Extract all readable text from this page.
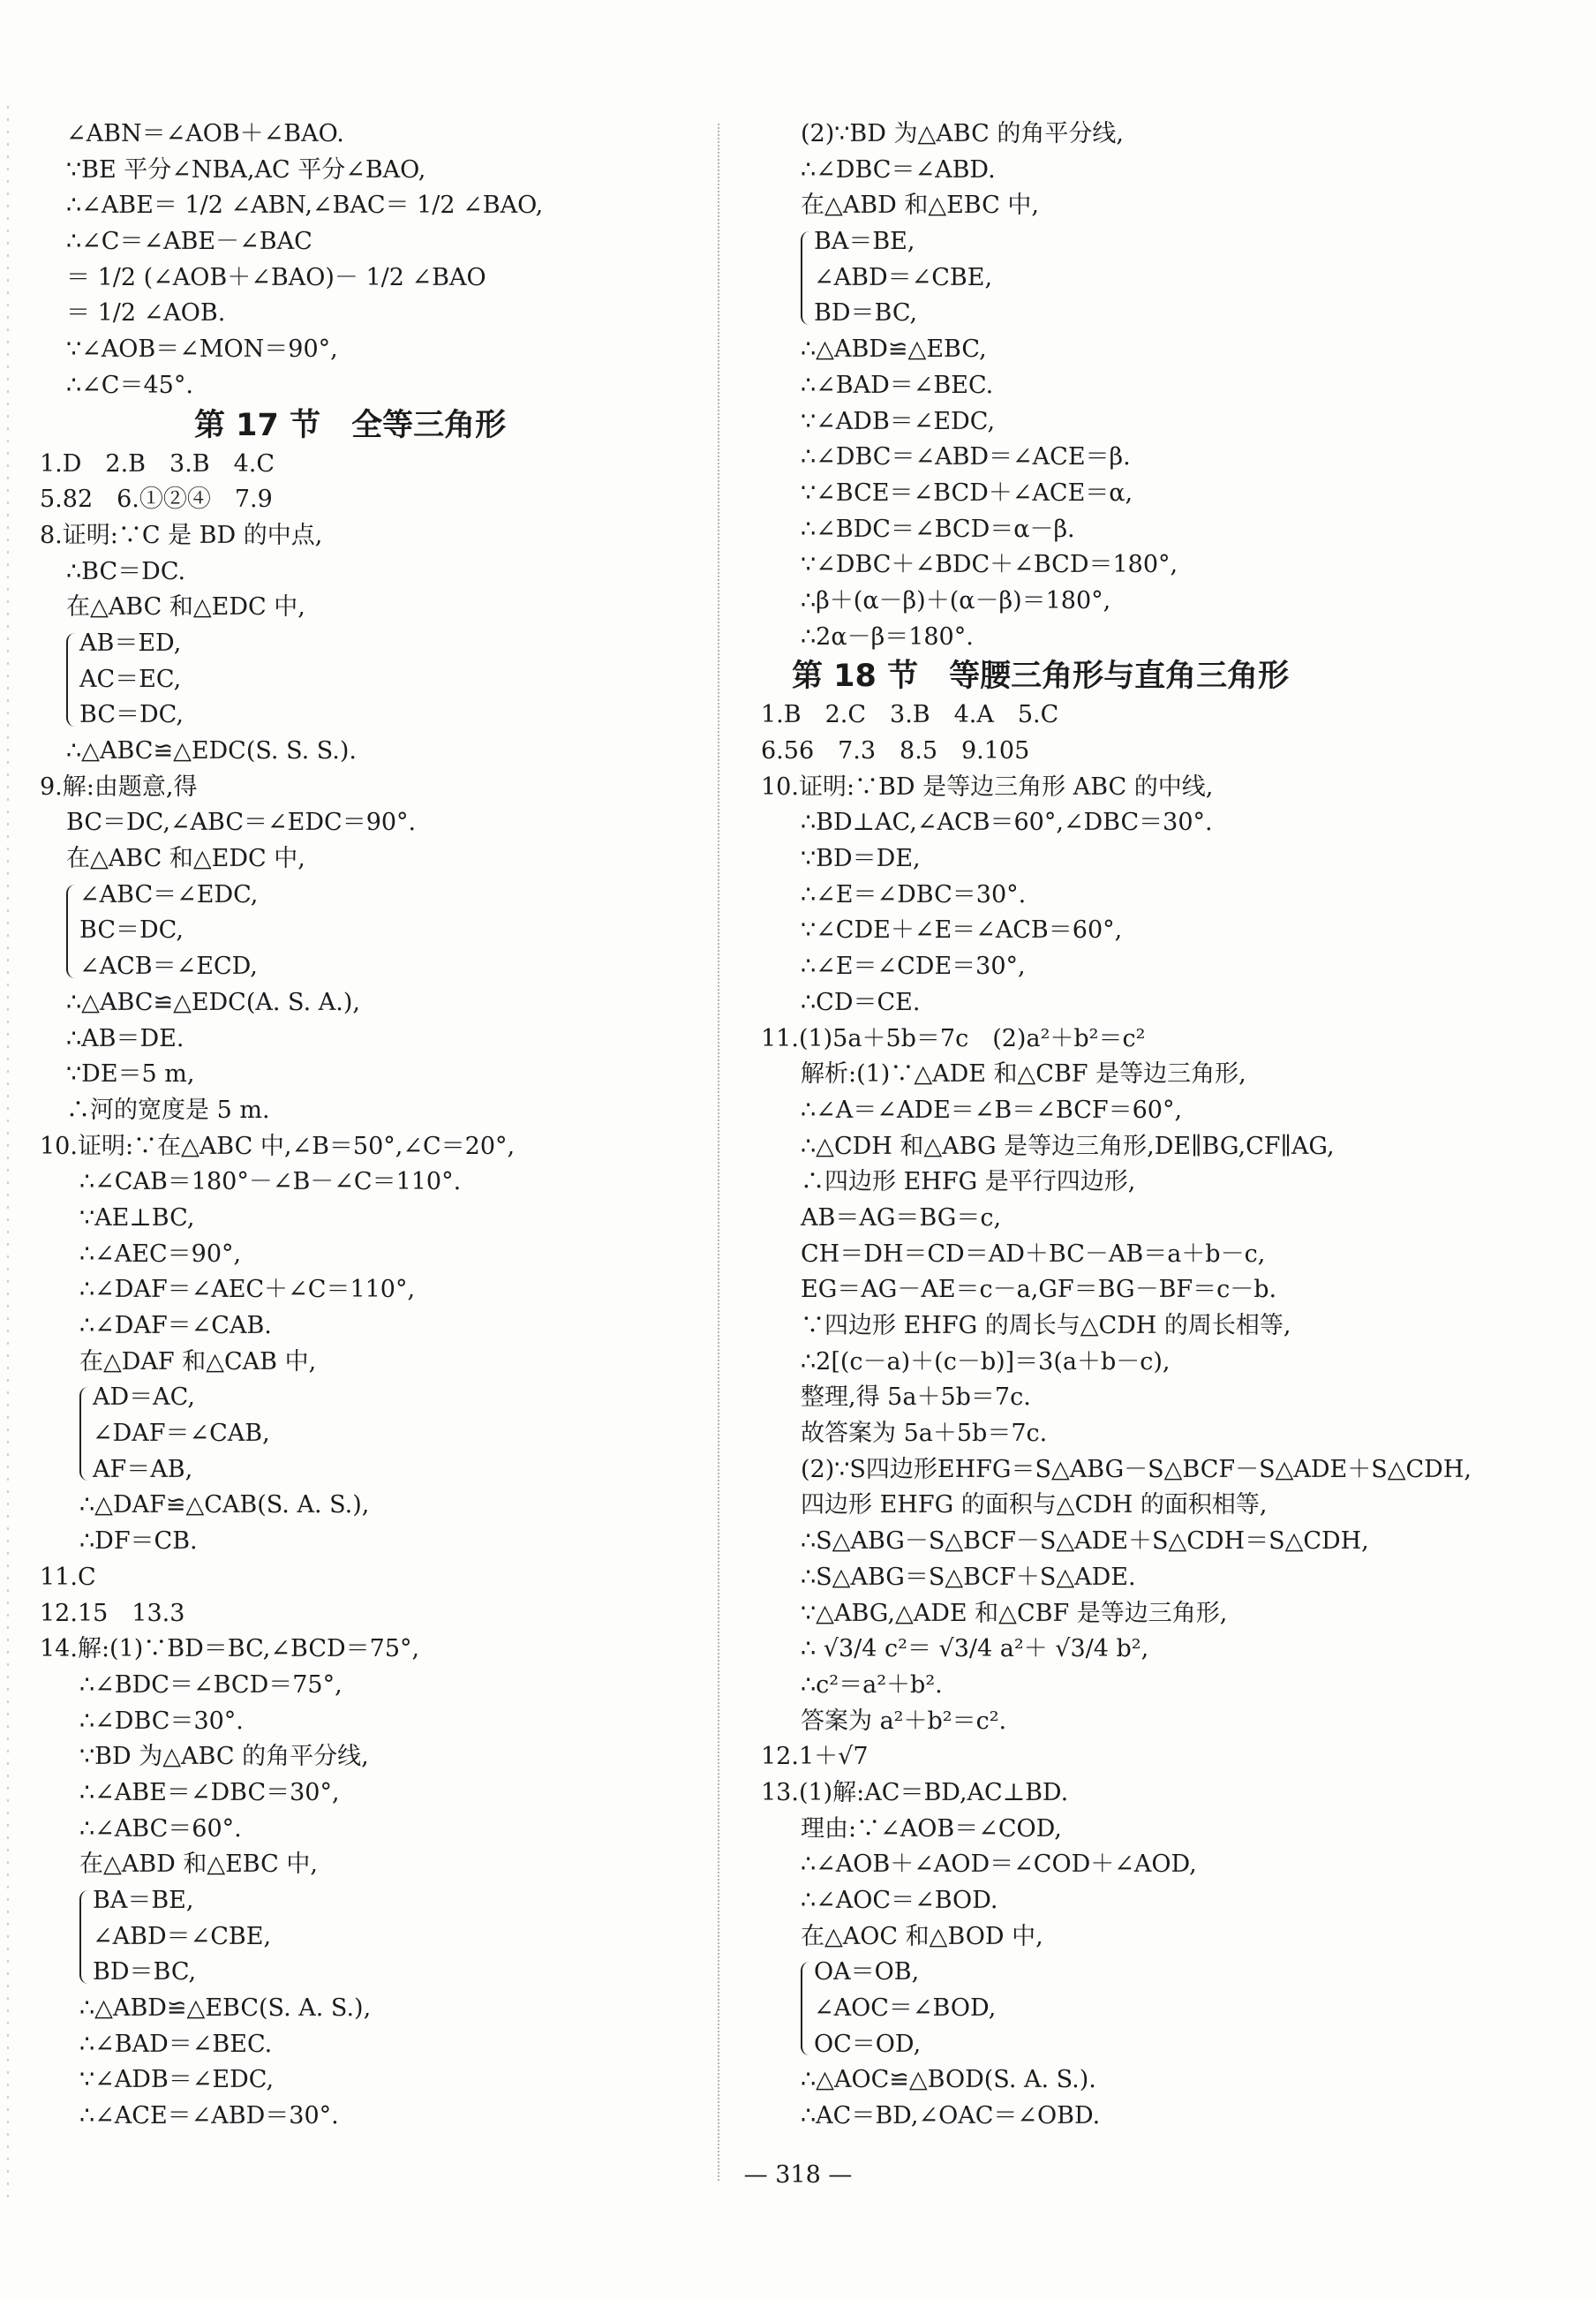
∠ABN＝∠AOB＋∠BAO.
∵BE 平分∠NBA,AC 平分∠BAO,
∴∠ABE＝ 1/2 ∠ABN,∠BAC＝ 1/2 ∠BAO,
∴∠C＝∠ABE－∠BAC
＝ 1/2 (∠AOB＋∠BAO)－ 1/2 ∠BAO
＝ 1/2 ∠AOB.
∵∠AOB＝∠MON＝90°,
∴∠C＝45°.
第 17 节　全等三角形
1.D　2.B　3.B　4.C
5.82　6.①②④　7.9
8.证明:∵C 是 BD 的中点,
∴BC＝DC.
在△ABC 和△EDC 中,
AB＝ED,
AC＝EC,
BC＝DC,
∴△ABC≌△EDC(S. S. S.).
9.解:由题意,得
BC＝DC,∠ABC＝∠EDC＝90°.
在△ABC 和△EDC 中,
∠ABC＝∠EDC,
BC＝DC,
∠ACB＝∠ECD,
∴△ABC≌△EDC(A. S. A.),
∴AB＝DE.
∵DE＝5 m,
∴河的宽度是 5 m.
10.证明:∵在△ABC 中,∠B＝50°,∠C＝20°,
∴∠CAB＝180°－∠B－∠C＝110°.
∵AE⊥BC,
∴∠AEC＝90°,
∴∠DAF＝∠AEC＋∠C＝110°,
∴∠DAF＝∠CAB.
在△DAF 和△CAB 中,
AD＝AC,
∠DAF＝∠CAB,
AF＝AB,
∴△DAF≌△CAB(S. A. S.),
∴DF＝CB.
11.C
12.15　13.3
14.解:(1)∵BD＝BC,∠BCD＝75°,
∴∠BDC＝∠BCD＝75°,
∴∠DBC＝30°.
∵BD 为△ABC 的角平分线,
∴∠ABE＝∠DBC＝30°,
∴∠ABC＝60°.
在△ABD 和△EBC 中,
BA＝BE,
∠ABD＝∠CBE,
BD＝BC,
∴△ABD≌△EBC(S. A. S.),
∴∠BAD＝∠BEC.
∵∠ADB＝∠EDC,
∴∠ACE＝∠ABD＝30°.
(2)∵BD 为△ABC 的角平分线,
∴∠DBC＝∠ABD.
在△ABD 和△EBC 中,
BA＝BE,
∠ABD＝∠CBE,
BD＝BC,
∴△ABD≌△EBC,
∴∠BAD＝∠BEC.
∵∠ADB＝∠EDC,
∴∠DBC＝∠ABD＝∠ACE＝β.
∵∠BCE＝∠BCD＋∠ACE＝α,
∴∠BDC＝∠BCD＝α－β.
∵∠DBC＋∠BDC＋∠BCD＝180°,
∴β＋(α－β)＋(α－β)＝180°,
∴2α－β＝180°.
第 18 节　等腰三角形与直角三角形
1.B　2.C　3.B　4.A　5.C
6.56　7.3　8.5　9.105
10.证明:∵BD 是等边三角形 ABC 的中线,
∴BD⊥AC,∠ACB＝60°,∠DBC＝30°.
∵BD＝DE,
∴∠E＝∠DBC＝30°.
∵∠CDE＋∠E＝∠ACB＝60°,
∴∠E＝∠CDE＝30°,
∴CD＝CE.
11.(1)5a＋5b＝7c　(2)a²＋b²＝c²
解析:(1)∵△ADE 和△CBF 是等边三角形,
∴∠A＝∠ADE＝∠B＝∠BCF＝60°,
∴△CDH 和△ABG 是等边三角形,DE∥BG,CF∥AG,
∴四边形 EHFG 是平行四边形,
AB＝AG＝BG＝c,
CH＝DH＝CD＝AD＋BC－AB＝a＋b－c,
EG＝AG－AE＝c－a,GF＝BG－BF＝c－b.
∵四边形 EHFG 的周长与△CDH 的周长相等,
∴2[(c－a)＋(c－b)]＝3(a＋b－c),
整理,得 5a＋5b＝7c.
故答案为 5a＋5b＝7c.
(2)∵S四边形EHFG＝S△ABG－S△BCF－S△ADE＋S△CDH,
四边形 EHFG 的面积与△CDH 的面积相等,
∴S△ABG－S△BCF－S△ADE＋S△CDH＝S△CDH,
∴S△ABG＝S△BCF＋S△ADE.
∵△ABG,△ADE 和△CBF 是等边三角形,
∴ √3/4 c²＝ √3/4 a²＋ √3/4 b²,
∴c²＝a²＋b².
答案为 a²＋b²＝c².
12.1＋√7
13.(1)解:AC＝BD,AC⊥BD.
理由:∵∠AOB＝∠COD,
∴∠AOB＋∠AOD＝∠COD＋∠AOD,
∴∠AOC＝∠BOD.
在△AOC 和△BOD 中,
OA＝OB,
∠AOC＝∠BOD,
OC＝OD,
∴△AOC≌△BOD(S. A. S.).
∴AC＝BD,∠OAC＝∠OBD.
— 318 —
